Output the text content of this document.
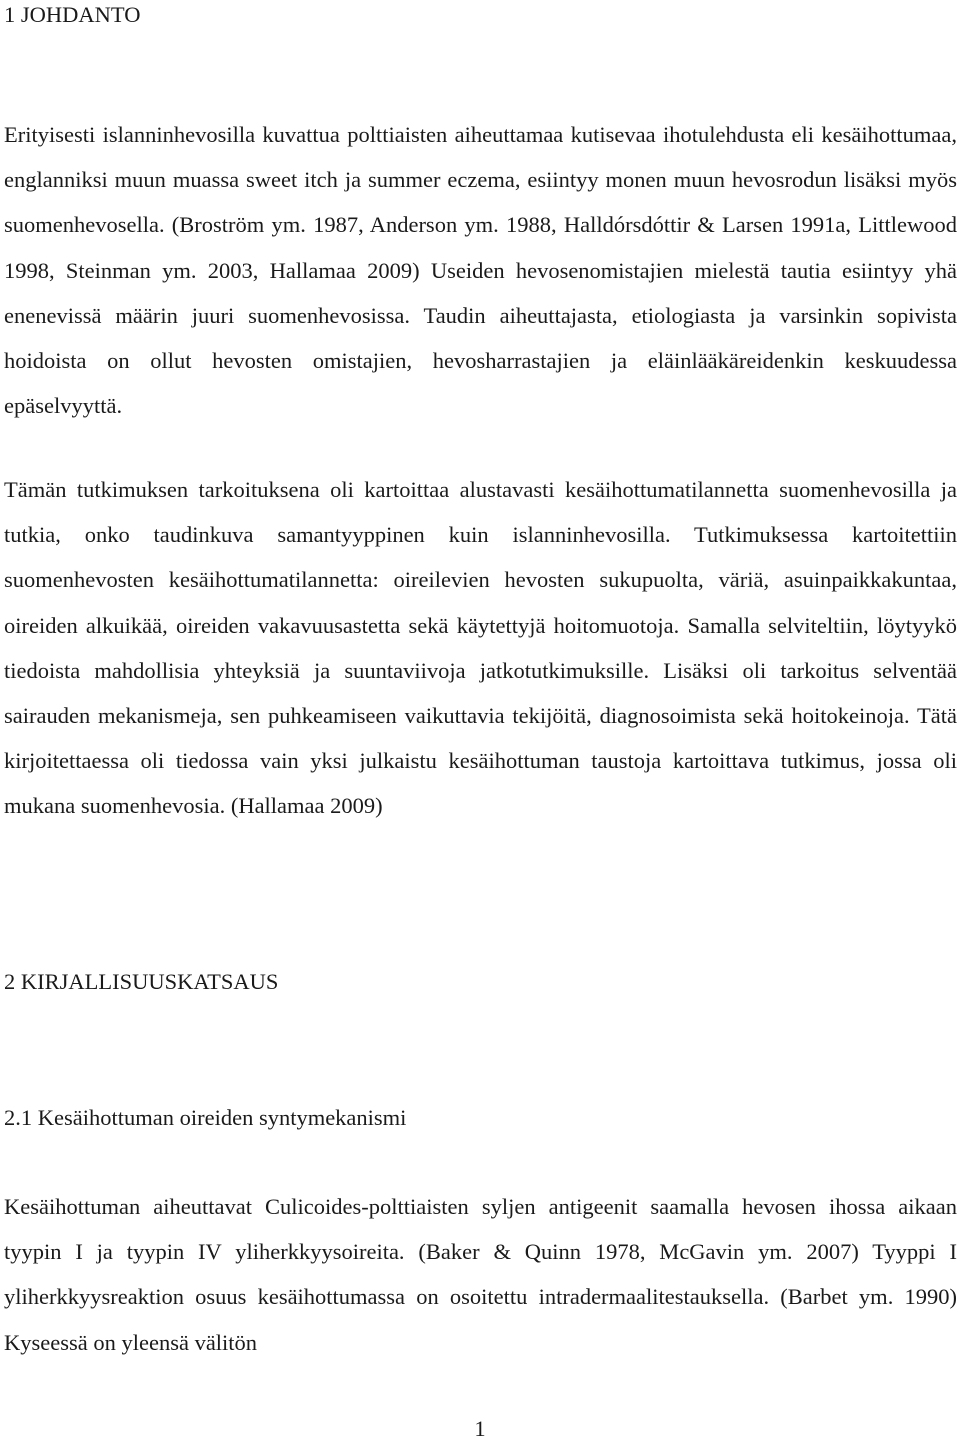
1 JOHDANTO

Erityisesti islanninhevosilla kuvattua polttiaisten aiheuttamaa kutisevaa ihotulehdusta eli kesäihottumaa, englanniksi muun muassa sweet itch ja summer eczema, esiintyy monen muun hevosrodun lisäksi myös suomenhevosella. (Broström ym. 1987, Anderson ym. 1988, Halldórsdóttir & Larsen 1991a, Littlewood 1998, Steinman ym. 2003, Hallamaa 2009) Useiden hevosenomistajien mielestä tautia esiintyy yhä enenevissä määrin juuri suomenhevosissa. Taudin aiheuttajasta, etiologiasta ja varsinkin sopivista hoidoista on ollut hevosten omistajien, hevosharrastajien ja eläinlääkäreidenkin keskuudessa epäselvyyttä.

Tämän tutkimuksen tarkoituksena oli kartoittaa alustavasti kesäihottumatilannetta suomenhevosilla ja tutkia, onko taudinkuva samantyyppinen kuin islanninhevosilla. Tutkimuksessa kartoitettiin suomenhevosten kesäihottumatilannetta: oireilevien hevosten sukupuolta, väriä, asuinpaikkakuntaa, oireiden alkuikää, oireiden vakavuusastetta sekä käytettyjä hoitomuotoja. Samalla selviteltiin, löytyykö tiedoista mahdollisia yhteyksiä ja suuntaviivoja jatkotutkimuksille. Lisäksi oli tarkoitus selventää sairauden mekanismeja, sen puhkeamiseen vaikuttavia tekijöitä, diagnosoimista sekä hoitokeinoja. Tätä kirjoitettaessa oli tiedossa vain yksi julkaistu kesäihottuman taustoja kartoittava tutkimus, jossa oli mukana suomenhevosia. (Hallamaa 2009)

2 KIRJALLISUUSKATSAUS
2.1 Kesäihottuman oireiden syntymekanismi

Kesäihottuman aiheuttavat Culicoides-polttiaisten syljen antigeenit saamalla hevosen ihossa aikaan tyypin I ja tyypin IV yliherkkyysoireita. (Baker & Quinn 1978, McGavin ym. 2007) Tyyppi I yliherkkyysreaktion osuus kesäihottumassa on osoitettu intradermaalitestauksella. (Barbet ym. 1990) Kyseessä on yleensä välitön

1
